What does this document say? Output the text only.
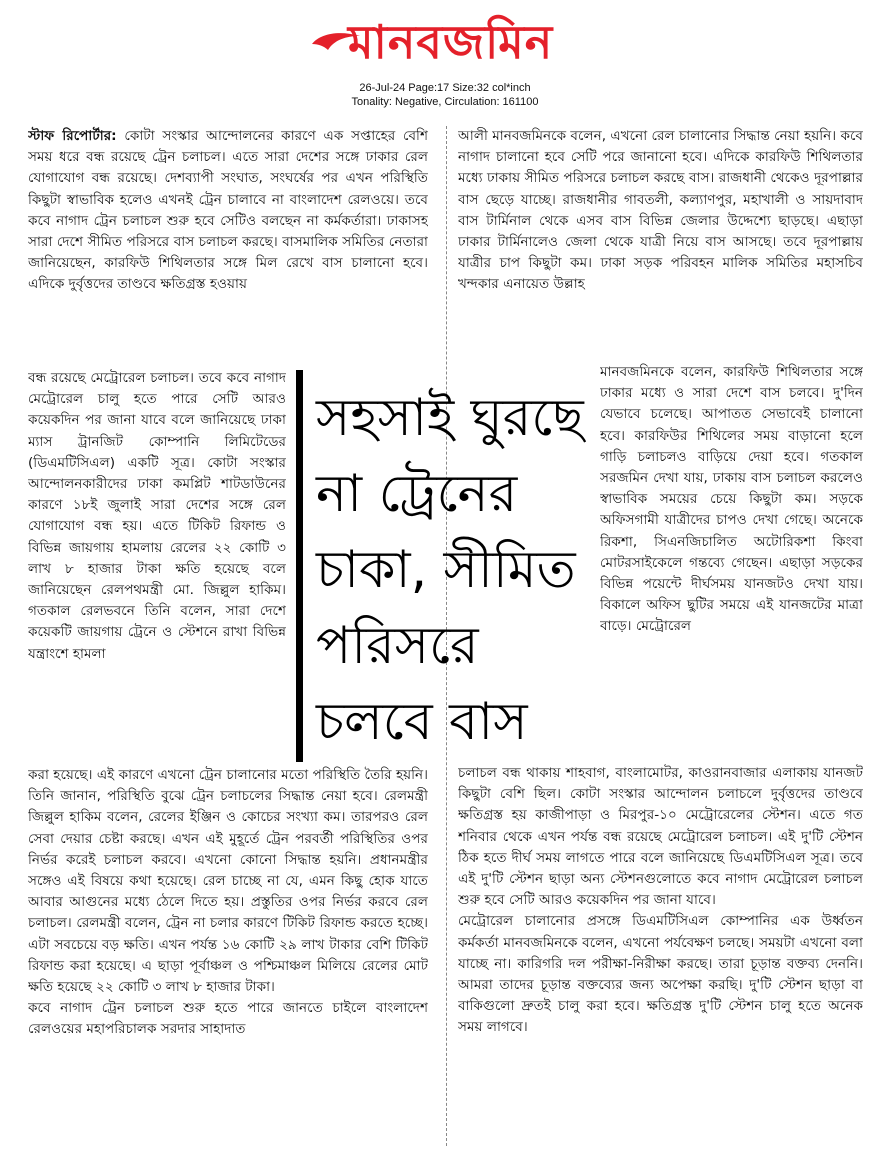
মানবজমিন
26-Jul-24 Page:17 Size:32 col*inch
Tonality: Negative, Circulation: 161100

স্টাফ রিপোর্টার: কোটা সংস্কার আন্দোলনের কারণে এক সপ্তাহের বেশি সময় ধরে বন্ধ রয়েছে ট্রেন চলাচল। এতে সারা দেশের সঙ্গে ঢাকার রেল যোগাযোগ বন্ধ রয়েছে। দেশব্যাপী সংঘাত, সংঘর্ষের পর এখন পরিস্থিতি কিছুটা স্বাভাবিক হলেও এখনই ট্রেন চালাবে না বাংলাদেশ রেলওয়ে। তবে কবে নাগাদ ট্রেন চলাচল শুরু হবে সেটিও বলছেন না কর্মকর্তারা। ঢাকাসহ সারা দেশে সীমিত পরিসরে বাস চলাচল করছে। বাসমালিক সমিতির নেতারা জানিয়েছেন, কারফিউ শিথিলতার সঙ্গে মিল রেখে বাস চালানো হবে। এদিকে দুর্বৃত্তদের তাণ্ডবে ক্ষতিগ্রস্ত হওয়ায়

বন্ধ রয়েছে মেট্রোরেল চলাচল। তবে কবে নাগাদ মেট্রোরেল চালু হতে পারে সেটি আরও কয়েকদিন পর জানা যাবে বলে জানিয়েছে ঢাকা ম্যাস ট্রানজিট কোম্পানি লিমিটেডের (ডিএমটিসিএল) একটি সূত্র। কোটা সংস্কার আন্দোলনকারীদের ঢাকা কমপ্লিট শাটডাউনের কারণে ১৮ই জুলাই সারা দেশের সঙ্গে রেল যোগাযোগ বন্ধ হয়। এতে টিকিট রিফান্ড ও বিভিন্ন জায়গায় হামলায় রেলের ২২ কোটি ৩ লাখ ৮ হাজার টাকা ক্ষতি হয়েছে বলে জানিয়েছেন রেলপথমন্ত্রী মো. জিল্লুল হাকিম। গতকাল রেলভবনে তিনি বলেন, সারা দেশে কয়েকটি জায়গায় ট্রেনে ও স্টেশনে রাখা বিভিন্ন যন্ত্রাংশে হামলা

সহসাই ঘুরছে
না ট্রেনের
চাকা, সীমিত
পরিসরে
চলবে বাস

করা হয়েছে। এই কারণে এখনো ট্রেন চালানোর মতো পরিস্থিতি তৈরি হয়নি। তিনি জানান, পরিস্থিতি বুঝে ট্রেন চলাচলের সিদ্ধান্ত নেয়া হবে। রেলমন্ত্রী জিল্লুল হাকিম বলেন, রেলের ইঞ্জিন ও কোচের সংখ্যা কম। তারপরও রেল সেবা দেয়ার চেষ্টা করছে। এখন এই মুহূর্তে ট্রেন পরবর্তী পরিস্থিতির ওপর নির্ভর করেই চলাচল করবে। এখনো কোনো সিদ্ধান্ত হয়নি। প্রধানমন্ত্রীর সঙ্গেও এই বিষয়ে কথা হয়েছে। রেল চাচ্ছে না যে, এমন কিছু হোক যাতে আবার আগুনের মধ্যে ঠেলে দিতে হয়। প্রস্তুতির ওপর নির্ভর করবে রেল চলাচল। রেলমন্ত্রী বলেন, ট্রেন না চলার কারণে টিকিট রিফান্ড করতে হচ্ছে। এটা সবচেয়ে বড় ক্ষতি। এখন পর্যন্ত ১৬ কোটি ২৯ লাখ টাকার বেশি টিকিট রিফান্ড করা হয়েছে। এ ছাড়া পূর্বাঞ্চল ও পশ্চিমাঞ্চল মিলিয়ে রেলের মোট ক্ষতি হয়েছে ২২ কোটি ৩ লাখ ৮ হাজার টাকা।

কবে নাগাদ ট্রেন চলাচল শুরু হতে পারে জানতে চাইলে বাংলাদেশ রেলওয়ের মহাপরিচালক সরদার সাহাদাত

আলী মানবজমিনকে বলেন, এখনো রেল চালানোর সিদ্ধান্ত নেয়া হয়নি। কবে নাগাদ চালানো হবে সেটি পরে জানানো হবে। এদিকে কারফিউ শিথিলতার মধ্যে ঢাকায় সীমিত পরিসরে চলাচল করছে বাস। রাজধানী থেকেও দূরপাল্লার বাস ছেড়ে যাচ্ছে। রাজধানীর গাবতলী, কল্যাণপুর, মহাখালী ও সায়দাবাদ বাস টার্মিনাল থেকে এসব বাস বিভিন্ন জেলার উদ্দেশ্যে ছাড়ছে। এছাড়া ঢাকার টার্মিনালেও জেলা থেকে যাত্রী নিয়ে বাস আসছে। তবে দূরপাল্লায় যাত্রীর চাপ কিছুটা কম। ঢাকা সড়ক পরিবহন মালিক সমিতির মহাসচিব খন্দকার এনায়েত উল্লাহ

মানবজমিনকে বলেন, কারফিউ শিথিলতার সঙ্গে ঢাকার মধ্যে ও সারা দেশে বাস চলবে। দু'দিন যেভাবে চলেছে। আপাতত সেভাবেই চালানো হবে। কারফিউর শিথিলের সময় বাড়ানো হলে গাড়ি চলাচলও বাড়িয়ে দেয়া হবে। গতকাল সরজমিন দেখা যায়, ঢাকায় বাস চলাচল করলেও স্বাভাবিক সময়ের চেয়ে কিছুটা কম। সড়কে অফিসগামী যাত্রীদের চাপও দেখা গেছে। অনেকে রিকশা, সিএনজিচালিত অটোরিকশা কিংবা মোটরসাইকেলে গন্তব্যে গেছেন। এছাড়া সড়কের বিভিন্ন পয়েন্টে দীর্ঘসময় যানজটও দেখা যায়। বিকালে অফিস ছুটির সময়ে এই যানজটের মাত্রা বাড়ে। মেট্রোরেল

চলাচল বন্ধ থাকায় শাহবাগ, বাংলামোটর, কাওরানবাজার এলাকায় যানজট কিছুটা বেশি ছিল। কোটা সংস্কার আন্দোলন চলাচলে দুর্বৃত্তদের তাণ্ডবে ক্ষতিগ্রস্ত হয় কাজীপাড়া ও মিরপুর-১০ মেট্রোরেলের স্টেশন। এতে গত শনিবার থেকে এখন পর্যন্ত বন্ধ রয়েছে মেট্রোরেল চলাচল। এই দু'টি স্টেশন ঠিক হতে দীর্ঘ সময় লাগতে পারে বলে জানিয়েছে ডিএমটিসিএল সূত্র। তবে এই দু'টি স্টেশন ছাড়া অন্য স্টেশনগুলোতে কবে নাগাদ মেট্রোরেল চলাচল শুরু হবে সেটি আরও কয়েকদিন পর জানা যাবে।

মেট্রোরেল চালানোর প্রসঙ্গে ডিএমটিসিএল কোম্পানির এক উর্ধ্বতন কর্মকর্তা মানবজমিনকে বলেন, এখনো পর্যবেক্ষণ চলছে। সময়টা এখনো বলা যাচ্ছে না। কারিগরি দল পরীক্ষা-নিরীক্ষা করছে। তারা চূড়ান্ত বক্তব্য দেননি। আমরা তাদের চূড়ান্ত বক্তব্যের জন্য অপেক্ষা করছি। দু'টি স্টেশন ছাড়া বা বাকিগুলো দ্রুতই চালু করা হবে। ক্ষতিগ্রস্ত দু'টি স্টেশন চালু হতে অনেক সময় লাগবে।
